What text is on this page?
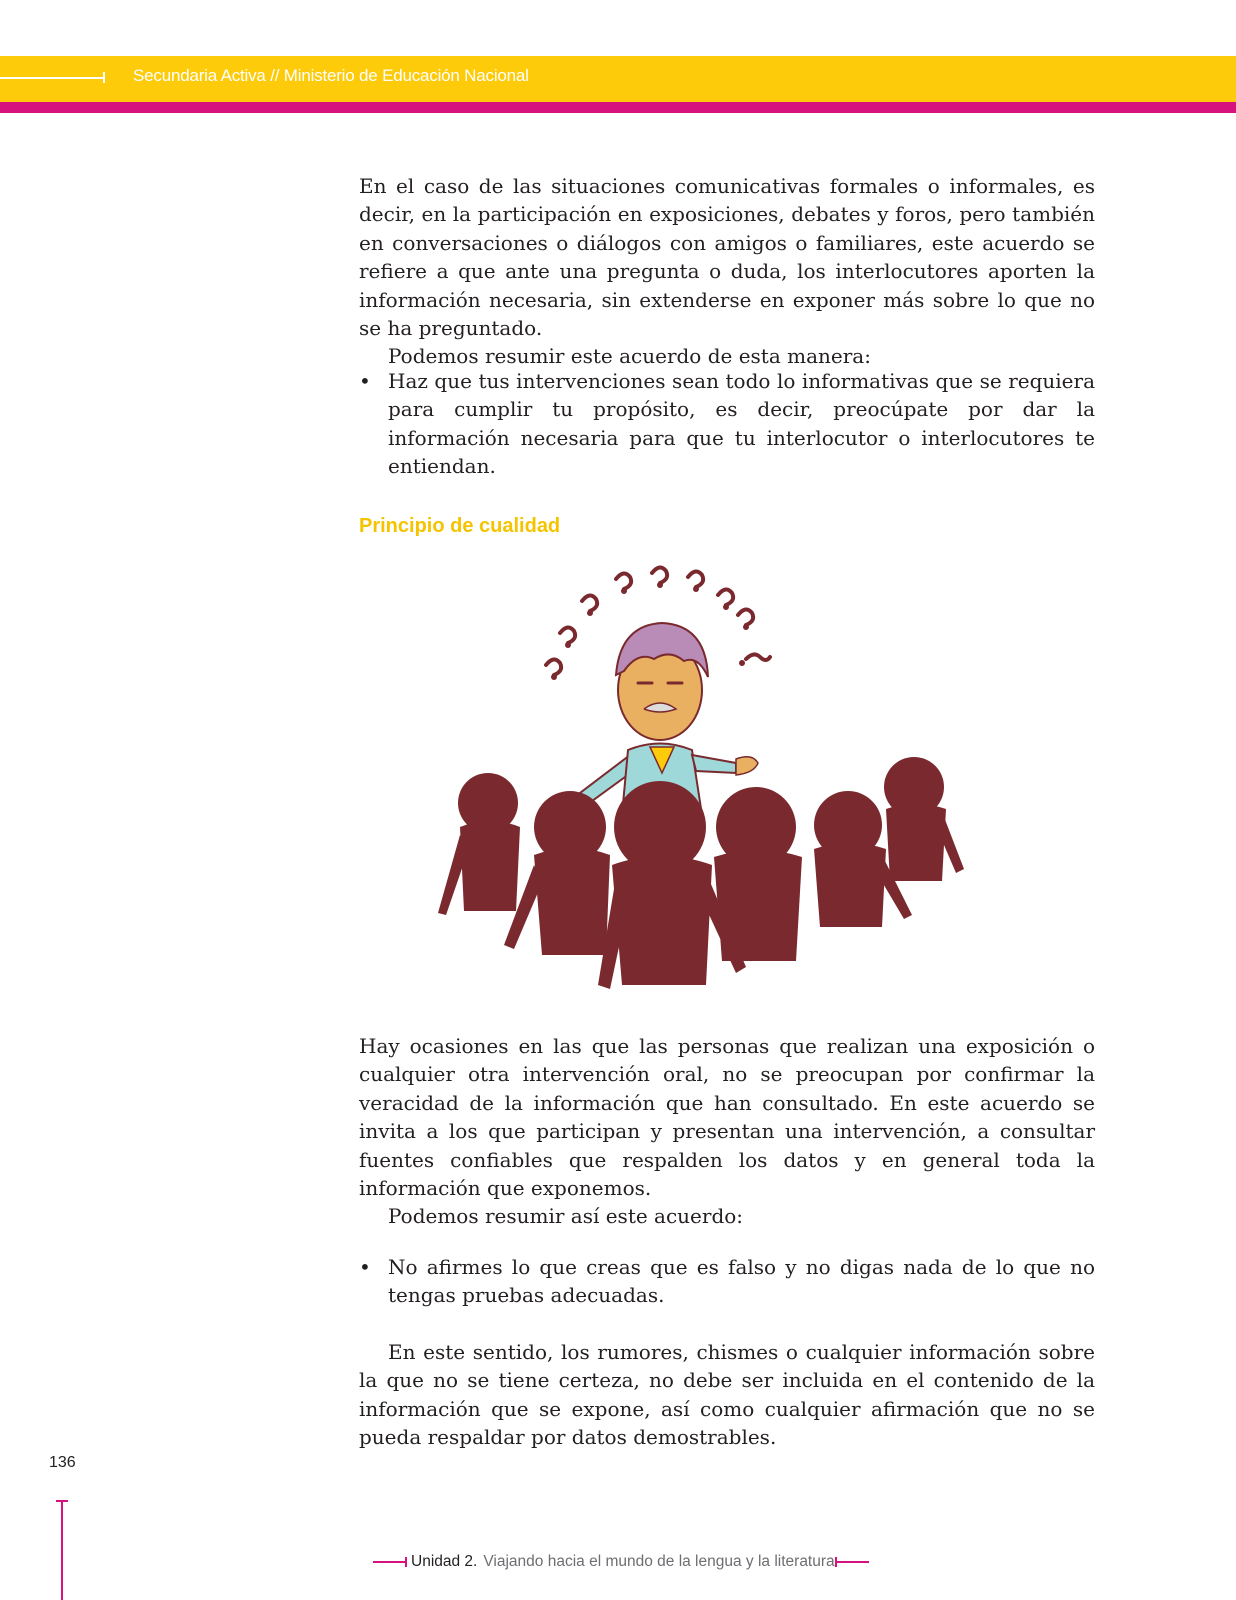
Secundaria Activa // Ministerio de Educación Nacional

En el caso de las situaciones comunicativas formales o informales, es decir, en la participación en exposiciones, debates y foros, pero también en conversaciones o diálogos con amigos o familiares, este acuerdo se refiere a que ante una pregunta o duda, los interlocutores aporten la información necesaria, sin extenderse en exponer más sobre lo que no se ha preguntado.

Podemos resumir este acuerdo de esta manera:

• Haz que tus intervenciones sean todo lo informativas que se requiera para cumplir tu propósito, es decir, preocúpate por dar la información necesaria para que tu interlocutor o interlocutores te entiendan.

Principio de cualidad

Hay ocasiones en las que las personas que realizan una exposición o cualquier otra intervención oral, no se preocupan por confirmar la veracidad de la información que han consultado. En este acuerdo se invita a los que participan y presentan una intervención, a consultar fuentes confiables que respalden los datos y en general toda la información que exponemos.

Podemos resumir así este acuerdo:

• No afirmes lo que creas que es falso y no digas nada de lo que no tengas pruebas adecuadas.

En este sentido, los rumores, chismes o cualquier información sobre la que no se tiene certeza, no debe ser incluida en el contenido de la información que se expone, así como cualquier afirmación que no se pueda respaldar por datos demostrables.

136
Unidad 2. Viajando hacia el mundo de la lengua y la literatura
